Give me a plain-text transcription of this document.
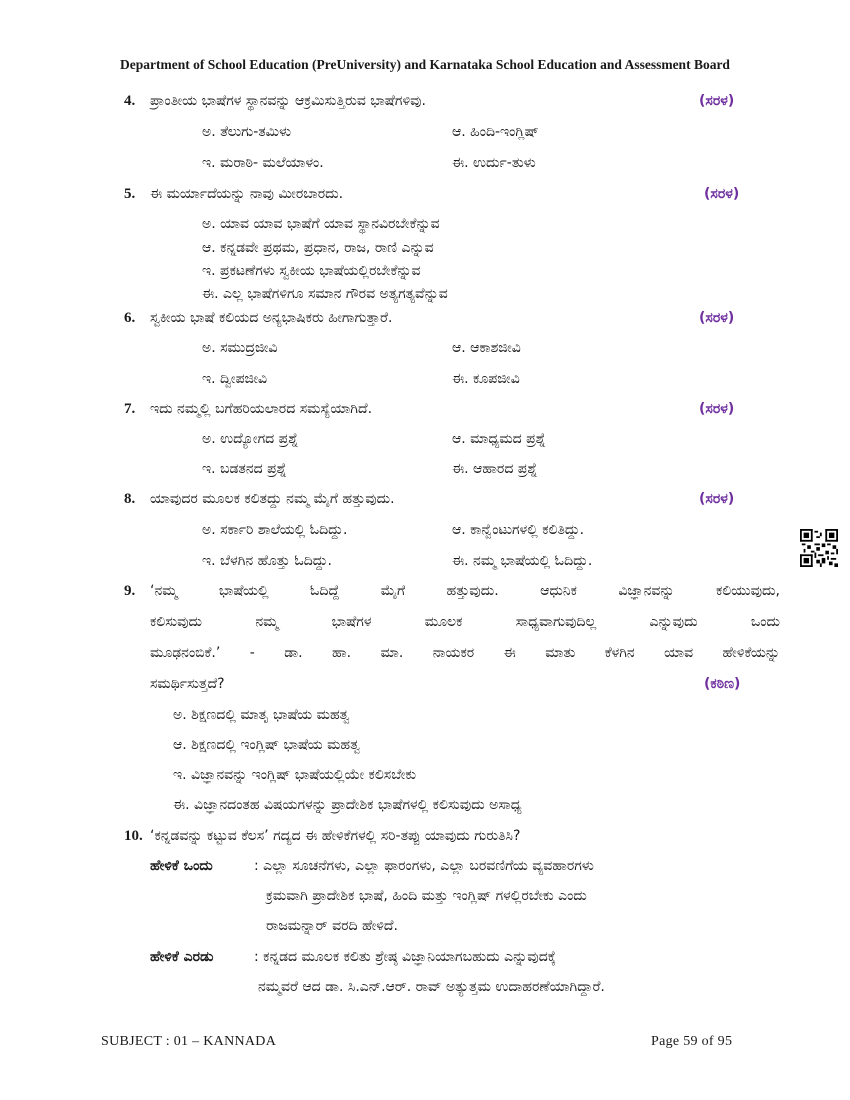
Department of School Education (PreUniversity) and Karnataka School Education and Assessment Board
4. ಪ್ರಾಂತೀಯ ಭಾಷೆಗಳ ಸ್ಥಾನವನ್ನು ಆಕ್ರಮಿಸುತ್ತಿರುವ ಭಾಷೆಗಳಿವು.	(ಸರಳ)
ಅ. ತೆಲುಗು-ತಮಿಳು	ಆ. ಹಿಂದಿ-ಇಂಗ್ಲಿಷ್
ಇ. ಮರಾಠಿ- ಮಲೆಯಾಳಂ.	ಈ. ಉರ್ದು-ತುಳು
5. ಈ ಮರ್ಯಾದೆಯನ್ನು ನಾವು ಮೀರಬಾರದು.	(ಸರಳ)
ಅ. ಯಾವ ಯಾವ ಭಾಷೆಗೆ ಯಾವ ಸ್ಥಾನವಿರಬೇಕೆನ್ನುವ
ಆ. ಕನ್ನಡವೇ ಪ್ರಥಮ, ಪ್ರಧಾನ, ರಾಜ, ರಾಣಿ ಎನ್ನುವ
ಇ. ಪ್ರಕಟಣೆಗಳು ಸ್ವಕೀಯ ಭಾಷೆಯಲ್ಲಿರಬೇಕೆನ್ನುವ
ಈ. ಎಲ್ಲ ಭಾಷೆಗಳಿಗೂ ಸಮಾನ ಗೌರವ ಅತ್ಯಗತ್ಯವೆನ್ನುವ
6. ಸ್ವಕೀಯ ಭಾಷೆ ಕಲಿಯದ ಅನ್ಯಭಾಷಿಕರು ಹೀಗಾಗುತ್ತಾರೆ.	(ಸರಳ)
ಅ. ಸಮುದ್ರಜೀವಿ	ಆ. ಆಕಾಶಜೀವಿ
ಇ. ದ್ವೀಪಜೀವಿ	ಈ. ಕೂಪಜೀವಿ
7. ಇದು ನಮ್ಮಲ್ಲಿ ಬಗೆಹರಿಯಲಾರದ ಸಮಸ್ಯೆಯಾಗಿದೆ.	(ಸರಳ)
ಅ. ಉದ್ಯೋಗದ ಪ್ರಶ್ನೆ	ಆ. ಮಾಧ್ಯಮದ ಪ್ರಶ್ನೆ
ಇ. ಬಡತನದ ಪ್ರಶ್ನೆ	ಈ. ಆಹಾರದ ಪ್ರಶ್ನೆ
8. ಯಾವುದರ ಮೂಲಕ ಕಲಿತದ್ದು ನಮ್ಮ ಮೈಗೆ ಹತ್ತುವುದು.	(ಸರಳ)
ಅ. ಸರ್ಕಾರಿ ಶಾಲೆಯಲ್ಲಿ ಓದಿದ್ದು.	ಆ. ಕಾನ್ವೆಂಟುಗಳಲ್ಲಿ ಕಲಿತಿದ್ದು.
ಇ. ಬೆಳಗಿನ ಹೊತ್ತು ಓದಿದ್ದು.	ಈ. ನಮ್ಮ ಭಾಷೆಯಲ್ಲಿ ಓದಿದ್ದು.
9. ‘ನಮ್ಮ ಭಾಷೆಯಲ್ಲಿ ಓದಿದ್ದೆ ಮೈಗೆ ಹತ್ತುವುದು. ಆಧುನಿಕ ವಿಜ್ಞಾನವನ್ನು ಕಲಿಯುವುದು,
ಕಲಿಸುವುದು ನಮ್ಮ ಭಾಷೆಗಳ ಮೂಲಕ ಸಾಧ್ಯವಾಗುವುದಿಲ್ಲ ಎನ್ನುವುದು ಒಂದು
ಮೂಢನಂಬಿಕೆ.’ - ಡಾ. ಹಾ. ಮಾ. ನಾಯಕರ ಈ ಮಾತು ಕೆಳಗಿನ ಯಾವ ಹೇಳಿಕೆಯನ್ನು
ಸಮರ್ಥಿಸುತ್ತದೆ?	(ಕಠಿಣ)
ಅ. ಶಿಕ್ಷಣದಲ್ಲಿ ಮಾತೃ ಭಾಷೆಯ ಮಹತ್ವ
ಆ. ಶಿಕ್ಷಣದಲ್ಲಿ ಇಂಗ್ಲಿಷ್ ಭಾಷೆಯ ಮಹತ್ವ
ಇ. ವಿಜ್ಞಾನವನ್ನು ಇಂಗ್ಲಿಷ್ ಭಾಷೆಯಲ್ಲಿಯೇ ಕಲಿಸಬೇಕು
ಈ. ವಿಜ್ಞಾನದಂತಹ ವಿಷಯಗಳನ್ನು ಪ್ರಾದೇಶಿಕ ಭಾಷೆಗಳಲ್ಲಿ ಕಲಿಸುವುದು ಅಸಾಧ್ಯ
10. ‘ಕನ್ನಡವನ್ನು ಕಟ್ಟುವ ಕೆಲಸ’ ಗದ್ಯದ ಈ ಹೇಳಿಕೆಗಳಲ್ಲಿ ಸರಿ-ತಪ್ಪು ಯಾವುದು ಗುರುತಿಸಿ?
ಹೇಳಿಕೆ ಒಂದು	: ಎಲ್ಲಾ ಸೂಚನೆಗಳು, ಎಲ್ಲಾ ಫಾರಂಗಳು, ಎಲ್ಲಾ ಬರವಣಿಗೆಯ ವ್ಯವಹಾರಗಳು
ಕ್ರಮವಾಗಿ ಪ್ರಾದೇಶಿಕ ಭಾಷೆ, ಹಿಂದಿ ಮತ್ತು ಇಂಗ್ಲಿಷ್ ಗಳಲ್ಲಿರಬೇಕು ಎಂದು
ರಾಜಮನ್ನಾರ್ ವರದಿ ಹೇಳಿದೆ.
ಹೇಳಿಕೆ ಎರಡು	: ಕನ್ನಡದ ಮೂಲಕ ಕಲಿತು ಶ್ರೇಷ್ಠ ವಿಜ್ಞಾನಿಯಾಗಬಹುದು ಎನ್ನುವುದಕ್ಕೆ
ನಮ್ಮವರೆ ಆದ ಡಾ. ಸಿ.ಎನ್.ಆರ್. ರಾವ್ ಅತ್ಯುತ್ತಮ ಉದಾಹರಣೆಯಾಗಿದ್ದಾರೆ.
SUBJECT : 01 – KANNADA	Page 59 of 95
